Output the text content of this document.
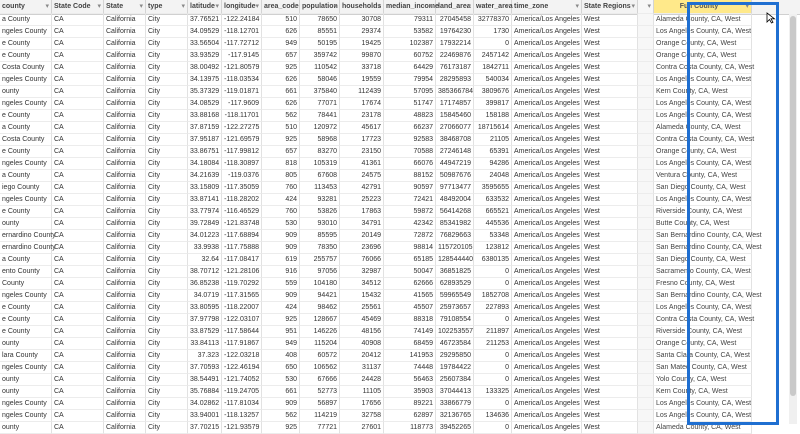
county ▾	State Code ▾	State ▾	type ▾	latitude ▾	longitude ▾	area_code ▾ population ▾ households ▾ median_income ▾ land_area ▾ water_area ▾ time_zone ▾	State Regions ▾
▾	Full County ▾
a County	CA	California	City	37.76521 -122.24184	510	78650	30708	79311 27045458 32778370 America/Los Angeles West	Alameda County, CA, West
ngeles County	CA	California	City	34.09529 -118.12701	626	85551	29374	53582 19764230	1730 America/Los Angeles West	Los Angeles County, CA, West
e County	CA	California	City	33.56504 -117.72712	949	50195	19425	102387 17932214	0 America/Los Angeles West	Orange County, CA, West
e County	CA	California	City	33.93529	-117.9145	657	359742	99870	60752 22469876	2457142 America/Los Angeles West	Orange County, CA, West
Costa County	CA	California	City	38.00492 -121.80579	925	110542	33718	64429 76173187	1842711 America/Los Angeles West	Contra Costa County, CA, West
ngeles County	CA	California	City	34.13975 -118.03534	626	58046	19559	79954 28295893	540034 America/Los Angeles West	Los Angeles County, CA, West
ounty	CA	California	City	35.37329 -119.01871	661	375840	112439	57095 385366784	3809676 America/Los Angeles West	Kern County, CA, West
ngeles County	CA	California	City	34.08529	-117.9609	626	77071	17674	51747 17174857	399817 America/Los Angeles West	Los Angeles County, CA, West
e County	CA	California	City	33.88168 -118.11701	562	78441	23178	48823 15845460	158188 America/Los Angeles West	Los Angeles County, CA, West
a County	CA	California	City	37.87159 -122.27275	510	120972	45617	66237 27066077 18715614 America/Los Angeles West	Alameda County, CA, West
Costa County	CA	California	City	37.95187 -121.69579	925	58968	17723	92583 38468708	21105 America/Los Angeles West	Contra Costa County, CA, West
e County	CA	California	City	33.86751 -117.99812	657	83270	23150	70588 27246148	65391 America/Los Angeles West	Orange County, CA, West
ngeles County	CA	California	City	34.18084 -118.30897	818	105319	41361	66076 44947219	94286 America/Los Angeles West	Los Angeles County, CA, West
a County	CA	California	City	34.21639	-119.0376	805	67608	24575	88152 50987676	24048 America/Los Angeles West	Ventura County, CA, West
iego County	CA	California	City	33.15809 -117.35059	760	113453	42791	90597 97713477	3595655 America/Los Angeles West	San Diego County, CA, West
ngeles County	CA	California	City	33.87141 -118.28202	424	93281	25223	72421 48492004	633532 America/Los Angeles West	Los Angeles County, CA, West
e County	CA	California	City	33.77974 -116.46529	760	53826	17863	59872 56414268	665521 America/Los Angeles West	Riverside County, CA, West
ounty	CA	California	City	39.72849 -121.83748	530	93010	34791	42342 85341982	445536 America/Los Angeles West	Butte County, CA, West
ernardino County
CA	California	City	34.01223 -117.68894	909	85595	20149	72872 76829663	53348 America/Los Angeles West	San Bernardino County, CA, West
ernardino County
CA	California	City	33.9938 -117.75888	909	78350	23696	98814 115720105	123812 America/Los Angeles West	San Bernardino County, CA, West
a County	CA	California	City	32.64 -117.08417	619	255757	76066	65185 128544440	6380135 America/Los Angeles West	San Diego County, CA, West
ento County	CA	California	City	38.70712 -121.28106	916	97056	32987	50047 36851825	0 America/Los Angeles West	Sacramento County, CA, West
County	CA	California	City	36.85238 -119.70292	559	104180	34512	62666 62893529	0 America/Los Angeles West	Fresno County, CA, West
ngeles County	CA	California	City	34.0719 -117.31565	909	94421	15432	41565 59965549	1852708 America/Los Angeles West	San Bernardino County, CA, West
e County	CA	California	City	33.80595 -118.22007	424	98462	25561	45507 25973657	227893 America/Los Angeles West	Los Angeles County, CA, West
e County	CA	California	City	37.97798 -122.03107	925	128667	45469	88318 79108554	0 America/Los Angeles West	Contra Costa County, CA, West
e County	CA	California	City	33.87529 -117.58644	951	146226	48156	74149 102253557	211897 America/Los Angeles West	Riverside County, CA, West
ounty	CA	California	City	33.84113 -117.91867	949	115204	40908	68459 46723584	211253 America/Los Angeles West	Orange County, CA, West
lara County	CA	California	City	37.323 -122.03218	408	60572	20412	141953 29295850	0 America/Los Angeles West	Santa Clara County, CA, West
ngeles County	CA	California	City	37.70593 -122.46194	650	106562	31137	74448 19784422	0 America/Los Angeles West	San Mateo County, CA, West
ounty	CA	California	City	38.54491 -121.74052	530	67666	24428	56463 25607384	0 America/Los Angeles West	Yolo County, CA, West
ounty	CA	California	City	35.76884 -119.24705	661	52773	11105	35903 37044413	133325 America/Los Angeles West	Kern County, CA, West
ngeles County	CA	California	City	34.02862 -117.81034	909	56897	17656	89221 33866779	0 America/Los Angeles West	Los Angeles County, CA, West
ngeles County	CA	California	City	33.94001 -118.13257	562	114219	32758	62897 32136765	134636 America/Los Angeles West	Los Angeles County, CA, West
ounty	CA	California	City	37.70215 -121.93579	925	77721	27601	118773 39452265	0 America/Los Angeles West	Alameda County, CA, West
